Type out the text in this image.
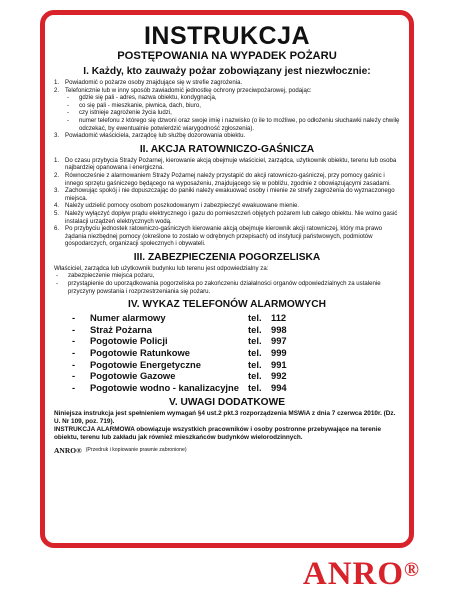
INSTRUKCJA
POSTĘPOWANIA NA WYPADEK POŻARU
I. Każdy, kto zauważy pożar zobowiązany jest niezwłocznie:
1. Powiadomić o pożarze osoby znajdujące się w strefie zagrożenia.
2. Telefonicznie lub w inny sposób zawiadomić jednostkę ochrony przeciwpożarowej, podając:
-	gdzie się pali - adres, nazwa obiektu, kondygnacja,
-	co się pali - mieszkanie, piwnica, dach, biuro,
-	czy istnieje zagrożenie życia ludzi,
-	numer telefonu z którego się dzwoni oraz swoje imię i nazwisko (o ile to możliwe, po odłożeniu słuchawki należy chwilę odczekać, by ewentualnie potwierdzić wiarygodność zgłoszenia).
3. Powiadomić właściciela, zarządcę lub służbę dozorowania obiektu.
II. AKCJA RATOWNICZO-GAŚNICZA
1. Do czasu przybycia Straży Pożarnej, kierowanie akcją obejmuje właściciel, zarządca, użytkownik obiektu, terenu lub osoba najbardziej opanowana i energiczna.
2. Równocześnie z alarmowaniem Straży Pożarnej należy przystąpić do akcji ratowniczo-gaśniczej, przy pomocy gaśnic i innego sprzętu gaśniczego będącego na wyposażeniu, znajdującego się w pobliżu, zgodnie z obowiązującymi zasadami.
3. Zachowując spokój i nie dopuszczając do paniki należy ewakuować osoby i mienie ze strefy zagrożenia do wyznaczonego miejsca.
4. Należy udzielić pomocy osobom poszkodowanym i zabezpieczyć ewakuowane mienie.
5. Należy wyłączyć dopływ prądu elektrycznego i gazu do pomieszczeń objętych pożarem lub całego obiektu. Nie wolno gasić instalacji urządzeń elektrycznych wodą.
6. Po przybyciu jednostek ratowniczo-gaśniczych kierowanie akcją obejmuje kierownik akcji ratowniczej, który ma prawo żądania niezbędnej pomocy (określone to zostało w odrębnych przepisach) od instytucji państwowych, podmiotów gospodarczych, organizacji społecznych i obywateli.
III. ZABEZPIECZENIA POGORZELISKA
Właściciel, zarządca lub użytkownik budynku lub terenu jest odpowiedzialny za:
-	zabezpieczenie miejsca pożaru,
-	przystąpienie do uporządkowania pogorzeliska po zakończeniu działalności organów odpowiedzialnych za ustalenie przyczyny powstania i rozprzestrzeniania się pożaru.
IV. WYKAZ TELEFONÓW ALARMOWYCH
-	Numer alarmowy	tel.	112
-	Straż Pożarna	tel.	998
-	Pogotowie Policji	tel.	997
-	Pogotowie Ratunkowe	tel.	999
-	Pogotowie Energetyczne	tel.	991
-	Pogotowie Gazowe	tel.	992
-	Pogotowie wodno - kanalizacyjne tel.	994
V. UWAGI DODATKOWE
Niniejsza instrukcja jest spełnieniem wymagań §4 ust.2 pkt.3 rozporządzenia MSWiA z dnia 7 czerwca 2010r. (Dz. U. Nr 109, poz. 719).
INSTRUKCJA ALARMOWA obowiązuje wszystkich pracowników i osoby postronne przebywające na terenie obiektu, terenu lub zakładu jak również mieszkańców budynków wielorodzinnych.
ANRO® (Przedruk i kopiowanie prawnie zabronione)
ANRO®
